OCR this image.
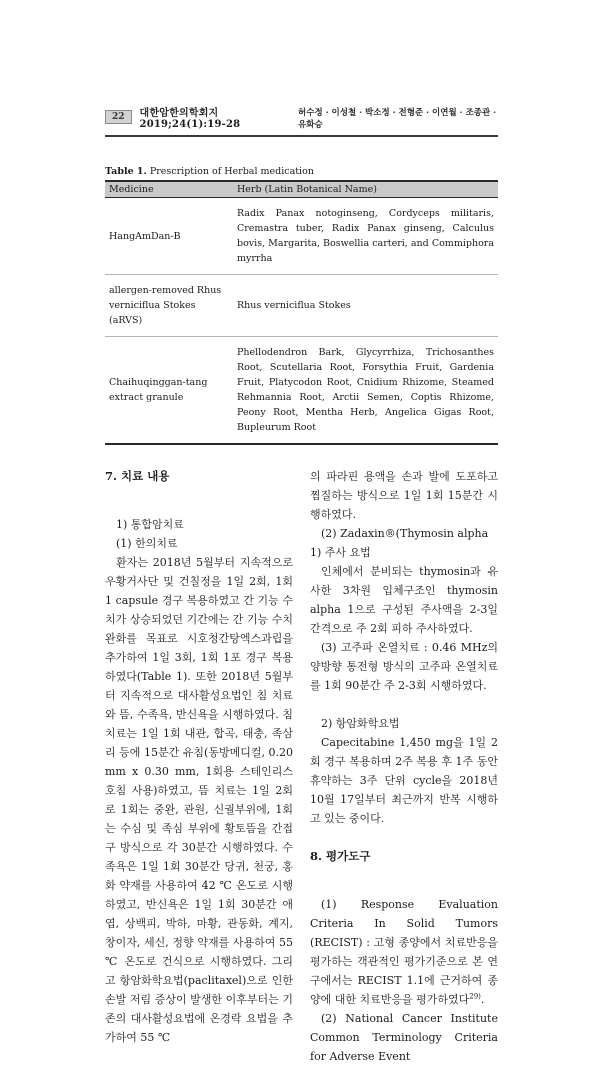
22	대한암한의학회지 2019;24(1):19-28
허수정 · 이성철 · 박소정 · 전형준 · 이연월 · 조종관 · 유화승
Table 1. Prescription of Herbal medication
Medicine	Herb (Latin Botanical Name)
HangAmDan-B	Radix Panax notoginseng, Cordyceps militaris, Cremastra tuber, Radix Panax ginseng, Calculus bovis, Margarita, Boswellia carteri, and Commiphora myrrha
allergen-removed Rhus verniciflua Stokes (aRVS)	Rhus verniciflua Stokes
Chaihuqinggan-tang extract granule	Phellodendron Bark, Glycyrrhiza, Trichosanthes Root, Scutellaria Root, Forsythia Fruit, Gardenia Fruit, Platycodon Root, Cnidium Rhizome, Steamed Rehmannia Root, Arctii Semen, Coptis Rhizome, Peony Root, Mentha Herb, Angelica Gigas Root, Bupleurum Root
7. 치료 내용
1) 통합암치료
(1) 한의치료
환자는 2018년 5월부터 지속적으로 우황거사단 및 건칠정을 1일 2회, 1회 1 capsule 경구 복용하였고 간 기능 수치가 상승되었던 기간에는 간 기능 수치 완화를 목표로 시호청간탕엑스과립을 추가하여 1일 3회, 1회 1포 경구 복용하였다(Table 1). 또한 2018년 5월부터 지속적으로 대사활성요법인 침 치료와 뜸, 수족욕, 반신욕을 시행하였다. 침 치료는 1일 1회 내관, 합곡, 태충, 족삼리 등에 15분간 유침(동방메디컬, 0.20 mm x 0.30 mm, 1회용 스테인리스 호침 사용)하였고, 뜸 치료는 1일 2회로 1회는 중완, 관원, 신궐부위에, 1회는 수심 및 족심 부위에 황토뜸을 간접구 방식으로 각 30분간 시행하였다. 수족욕은 1일 1회 30분간 당귀, 천궁, 홍화 약재를 사용하여 42 ℃ 온도로 시행하였고, 반신욕은 1일 1회 30분간 애엽, 상백피, 박하, 마황, 관동화, 계지, 창이자, 세신, 정향 약재를 사용하여 55 ℃ 온도로 건식으로 시행하였다. 그리고 항암화학요법(paclitaxel)으로 인한 손발 저림 증상이 발생한 이후부터는 기존의 대사활성요법에 온경락 요법을 추가하여 55 ℃
의 파라핀 용액을 손과 발에 도포하고 찜질하는 방식으로 1일 1회 15분간 시행하였다.
(2) Zadaxin®(Thymosin alpha 1) 주사 요법
인체에서 분비되는 thymosin과 유사한 3차원 입체구조인 thymosin alpha 1으로 구성된 주사액을 2-3일 간격으로 주 2회 피하 주사하였다.
(3) 고주파 온열치료 : 0.46 MHz의 양방향 통전형 방식의 고주파 온열치료를 1회 90분간 주 2-3회 시행하였다.
2) 항암화학요법
Capecitabine 1,450 mg을 1일 2회 경구 복용하며 2주 복용 후 1주 동안 휴약하는 3주 단위 cycle을 2018년 10월 17일부터 최근까지 반복 시행하고 있는 중이다.
8. 평가도구
(1) Response Evaluation Criteria In Solid Tumors (RECIST) : 고형 종양에서 치료반응을 평가하는 객관적인 평가기준으로 본 연구에서는 RECIST 1.1에 근거하여 종양에 대한 치료반응을 평가하였다$^{29)}$.
(2) National Cancer Institute Common Terminology Criteria for Adverse Event
